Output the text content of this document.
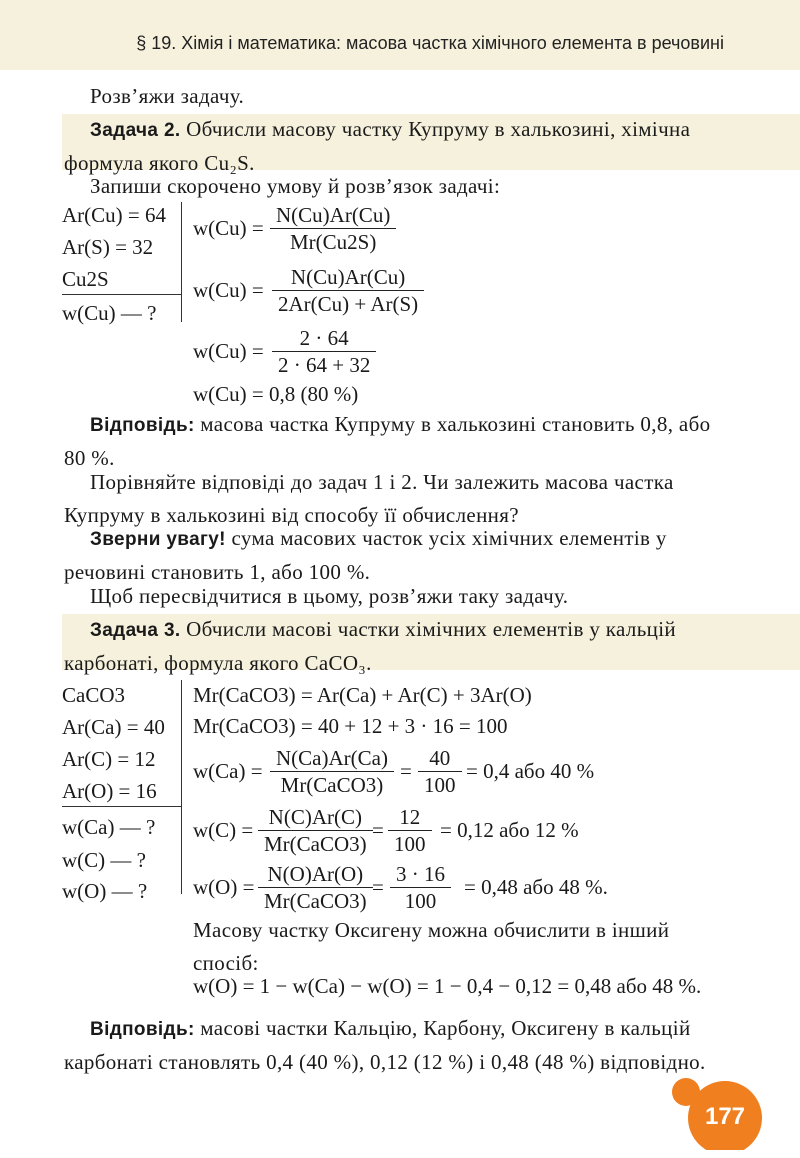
§ 19. Хімія і математика: масова частка хімічного елемента в речовині
Розв’яжи задачу.
Задача 2. Обчисли масову частку Купруму в халькозині, хімічна формула якого Cu₂S.
Запиши скорочено умову й розв’язок задачі:
Ar(Cu) = 64
Ar(S) = 32
Cu2S
w(Cu) — ?
$w(Cu) = \frac{N(Cu)Ar(Cu)}{Mr(Cu2S)}$
$w(Cu) = \frac{N(Cu)Ar(Cu)}{2Ar(Cu) + Ar(S)}$
$w(Cu) = \frac{2 \cdot 64}{2 \cdot 64 + 32}$
w(Cu) = 0,8 (80 %)
Відповідь: масова частка Купруму в халькозині становить 0,8, або 80 %.
Порівняйте відповіді до задач 1 і 2. Чи залежить масова частка Купруму в халькозині від способу її обчислення?
Зверни увагу! сума масових часток усіх хімічних елементів у речовині становить 1, або 100 %.
Щоб пересвідчитися в цьому, розв’яжи таку задачу.
Задача 3. Обчисли масові частки хімічних елементів у кальцій карбонаті, формула якого CaCO₃.
CaCO3
Ar(Ca) = 40
Ar(C) = 12
Ar(O) = 16
w(Ca) — ?
w(C) — ?
w(O) — ?
Mr(CaCO3) = Ar(Ca) + Ar(C) + 3Ar(O)
Mr(CaCO3) = 40 + 12 + 3 · 16 = 100
w(Ca) =
N(Ca)Ar(Ca)
Mr(CaCO3)
= $\frac{40}{100} = 0,4$ або 40 %
w(C) =
N(C)Ar(C)
Mr(CaCO3)
= $\frac{12}{100} = 0,12$ або 12 %
w(O) =
N(O)Ar(O)
Mr(CaCO3)
= $\frac{3 \cdot 16}{100} = 0,48$ або 48 %.
Масову частку Оксигену можна обчислити в інший спосіб:
w(O) = 1 − w(Ca) − w(O) = 1 − 0,4 − 0,12 = 0,48 або 48 %.
Відповідь: масові частки Кальцію, Карбону, Оксигену в кальцій карбонаті становлять 0,4 (40 %), 0,12 (12 %) і 0,48 (48 %) відповідно.
177
